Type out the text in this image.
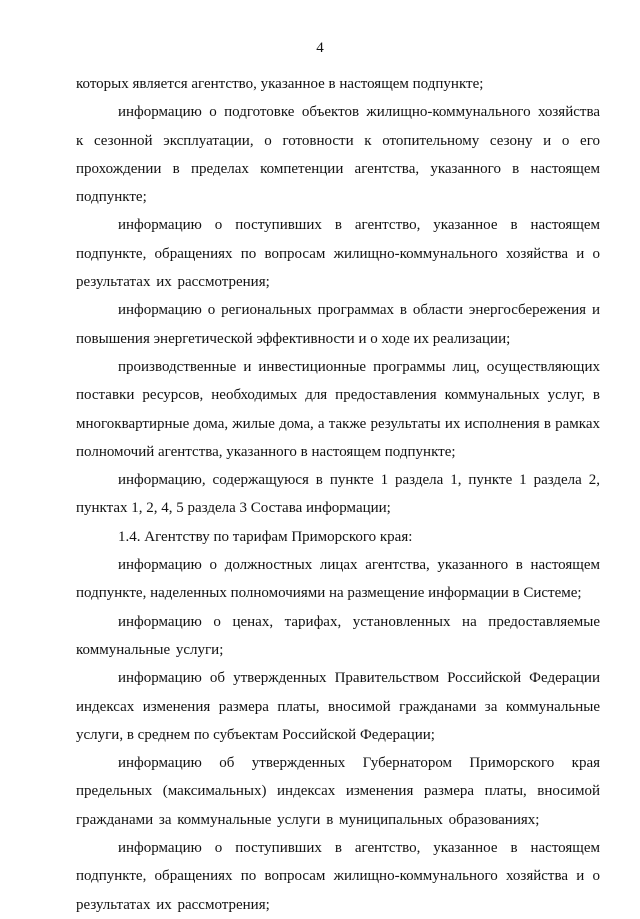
4

которых является агентство, указанное в настоящем подпункте;

информацию о подготовке объектов жилищно-коммунального хозяйства к сезонной эксплуатации, о готовности к отопительному сезону и о его прохождении в пределах компетенции агентства, указанного в настоящем подпункте;

информацию о поступивших в агентство, указанное в настоящем подпункте, обращениях по вопросам жилищно-коммунального хозяйства и о результатах их рассмотрения;

информацию о региональных программах в области энергосбережения и повышения энергетической эффективности и о ходе их реализации;

производственные и инвестиционные программы лиц, осуществляющих поставки ресурсов, необходимых для предоставления коммунальных услуг, в многоквартирные дома, жилые дома, а также результаты их исполнения в рамках полномочий агентства, указанного в настоящем подпункте;

информацию, содержащуюся в пункте 1 раздела 1, пункте 1 раздела 2, пунктах 1, 2, 4, 5 раздела 3 Состава информации;

1.4. Агентству по тарифам Приморского края:

информацию о должностных лицах агентства, указанного в настоящем подпункте, наделенных полномочиями на размещение информации в Системе;

информацию о ценах, тарифах, установленных на предоставляемые коммунальные услуги;

информацию об утвержденных Правительством Российской Федерации индексах изменения размера платы, вносимой гражданами за коммунальные услуги, в среднем по субъектам Российской Федерации;

информацию об утвержденных Губернатором Приморского края предельных (максимальных) индексах изменения размера платы, вносимой гражданами за коммунальные услуги в муниципальных образованиях;

информацию о поступивших в агентство, указанное в настоящем подпункте, обращениях по вопросам жилищно-коммунального хозяйства и о результатах их рассмотрения;
